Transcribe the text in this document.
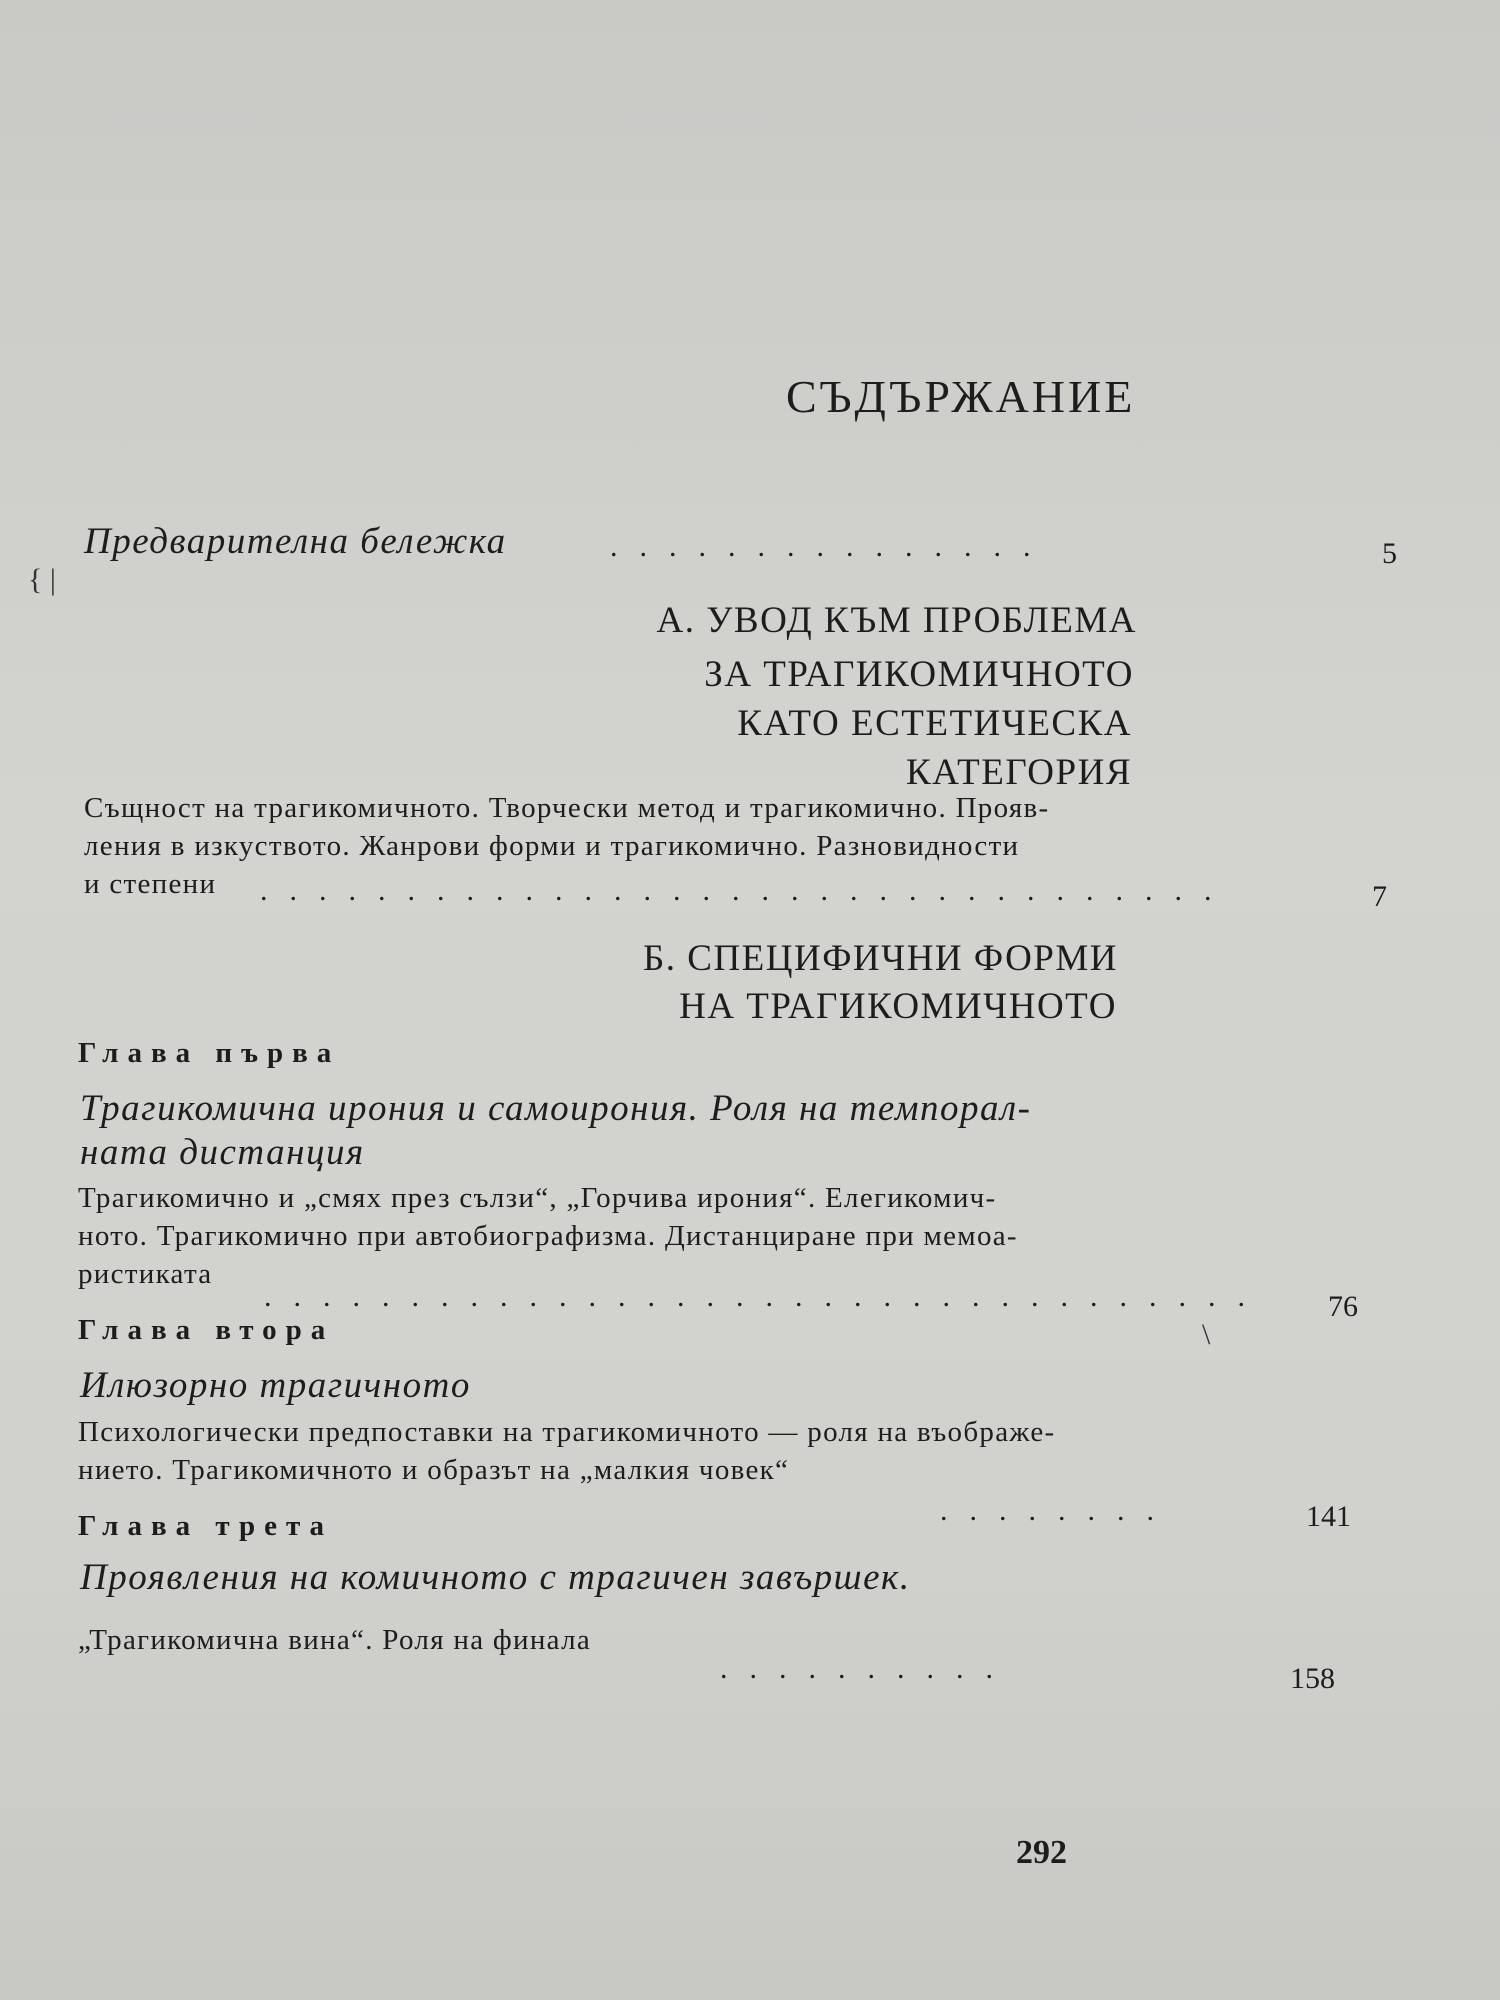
СЪДЪРЖАНИЕ
Предварителна бележка	...............	5
{ |
А. УВОД КЪМ ПРОБЛЕМА
ЗА ТРАГИКОМИЧНОТО
КАТО ЕСТЕТИЧЕСКА
КАТЕГОРИЯ
Същност на трагикомичното. Творчески метод и трагикомично. Прояв-
ления в изкуството. Жанрови форми и трагикомично. Разновидности
и степени .................................	7
Б. СПЕЦИФИЧНИ ФОРМИ
НА ТРАГИКОМИЧНОТО
Глава първа
Трагикомична ирония и самоирония. Роля на темпорал-
ната дистанция
Трагикомично и „смях през сълзи“, „Горчива ирония“. Елегикомич-
ното. Трагикомично при автобиографизма. Дистанциране при мемоа-
ристиката
.................................. 76
Глава втора	\
Илюзорно трагичното
Психологически предпоставки на трагикомичното — роля на въображе-
нието. Трагикомичното и образът на „малкия човек“
........	141
Глава трета
Проявления на комичното с трагичен завършек.
„Трагикомична вина“. Роля на финала
..........	158
292
